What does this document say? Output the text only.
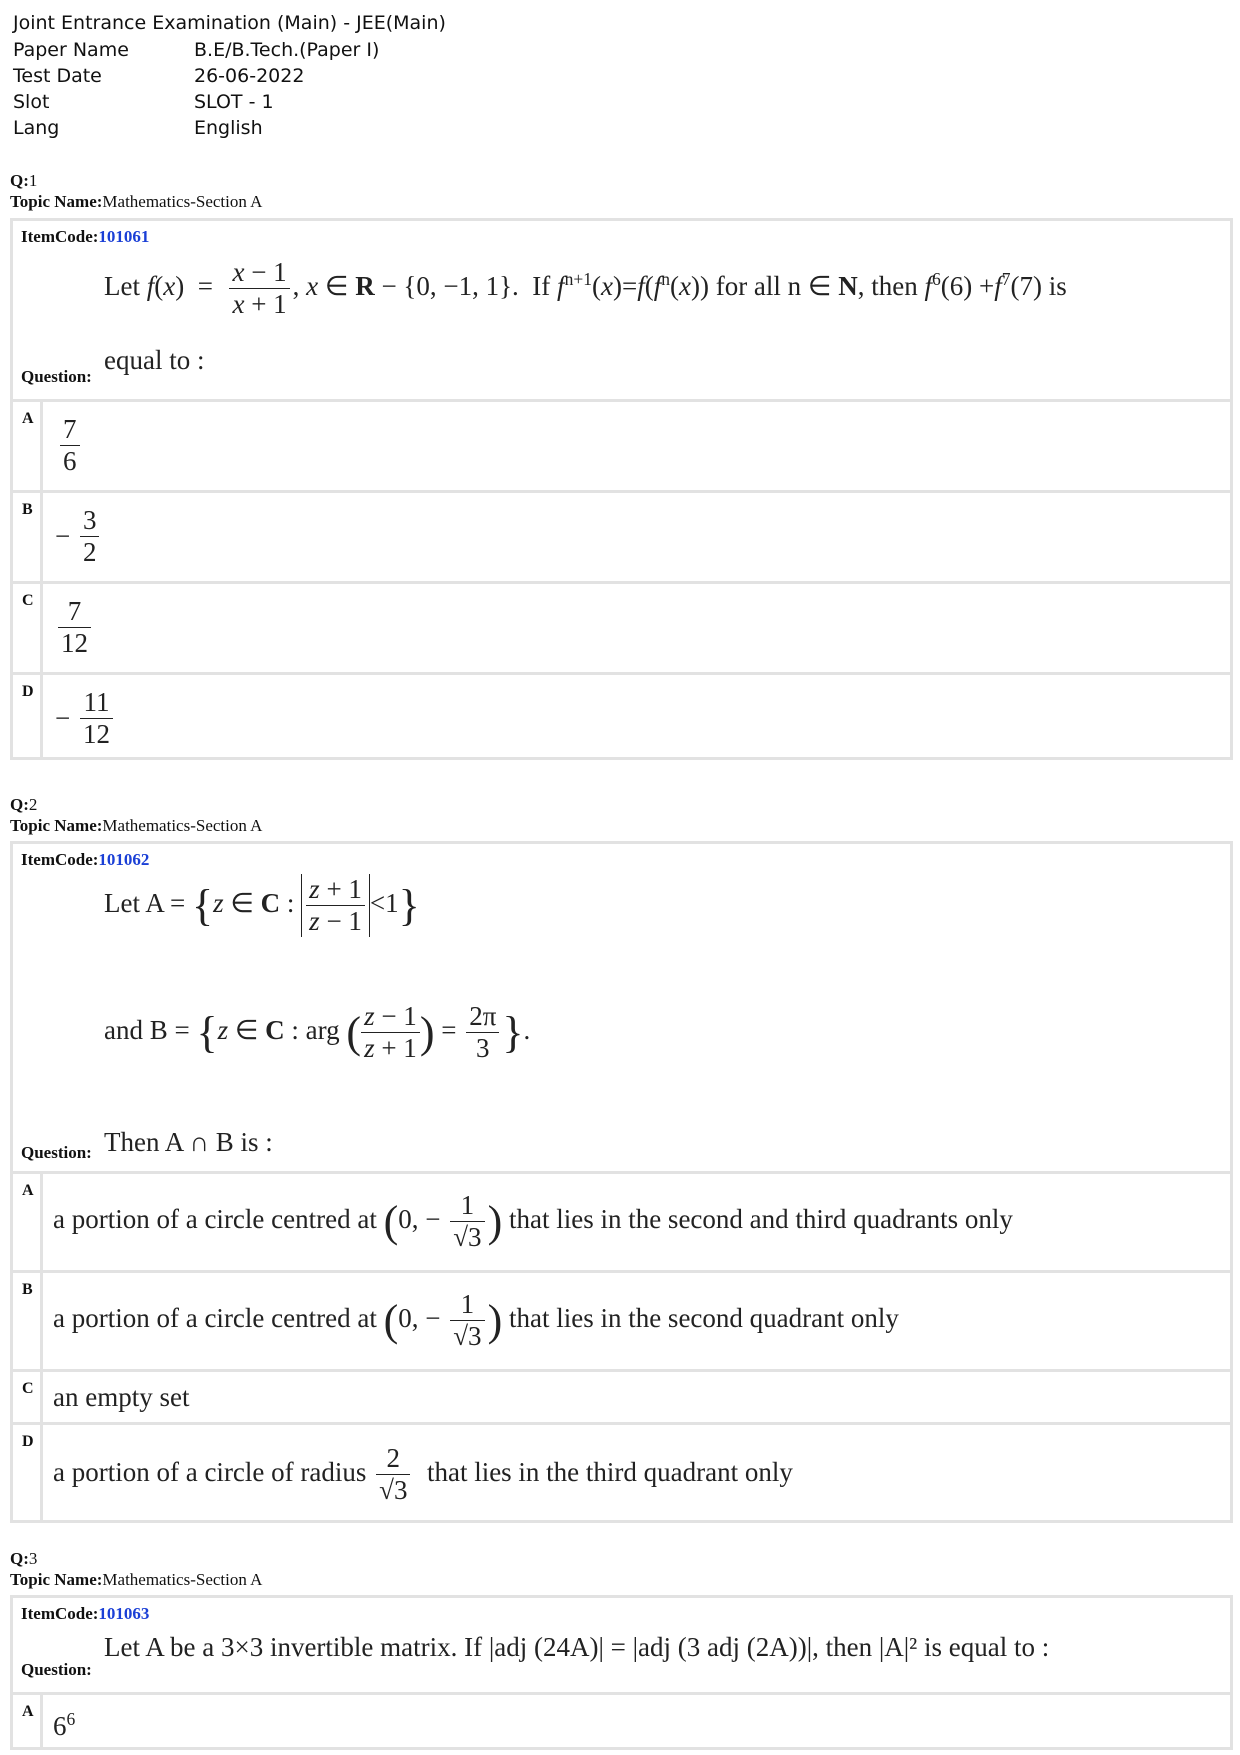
Joint Entrance Examination (Main) - JEE(Main)
Paper Name	B.E/B.Tech.(Paper I)
Test Date	26-06-2022
Slot	SLOT - 1
Lang	English
Q:1
Topic Name:Mathematics-Section A
ItemCode:101061
Let $f(x) = \frac{x - 1}{x + 1}$ , x ∈ R − {0, −1, 1}.  If $f^{n+1}(x)=f(f^n(x))$ for all n ∈ N, then $f^6(6) +f^7(7)$ is
equal to :
Question:
A $\frac{7}{6}$
B
− $\frac{3}{2}$
C $\frac{7}{12}$
D
− $\frac{11}{12}$
Q:2
Topic Name:Mathematics-Section A
ItemCode:101062
Let A = {z ∈ C : $\frac{z + 1}{z - 1} <1$}
and B = {z ∈ C : arg ( $\frac{z - 1}{z + 1}$ ) = $\frac{2\pi}{3}$ }.
Then A ∩ B is :
Question:
A
a portion of a circle centred at (0, − $\frac{1}{√3}$ ) that lies in the second and third quadrants only
B
a portion of a circle centred at (0, − $\frac{1}{√3}$ ) that lies in the second quadrant only
C an empty set
D
a portion of a circle of radius $\frac{2}{√3}$ that lies in the third quadrant only
Q:3
Topic Name:Mathematics-Section A
ItemCode:101063
Let A be a 3×3 invertible matrix. If |adj (24A)| = |adj (3 adj (2A))|, then |A|² is equal to :
Question:
A $6^6$
